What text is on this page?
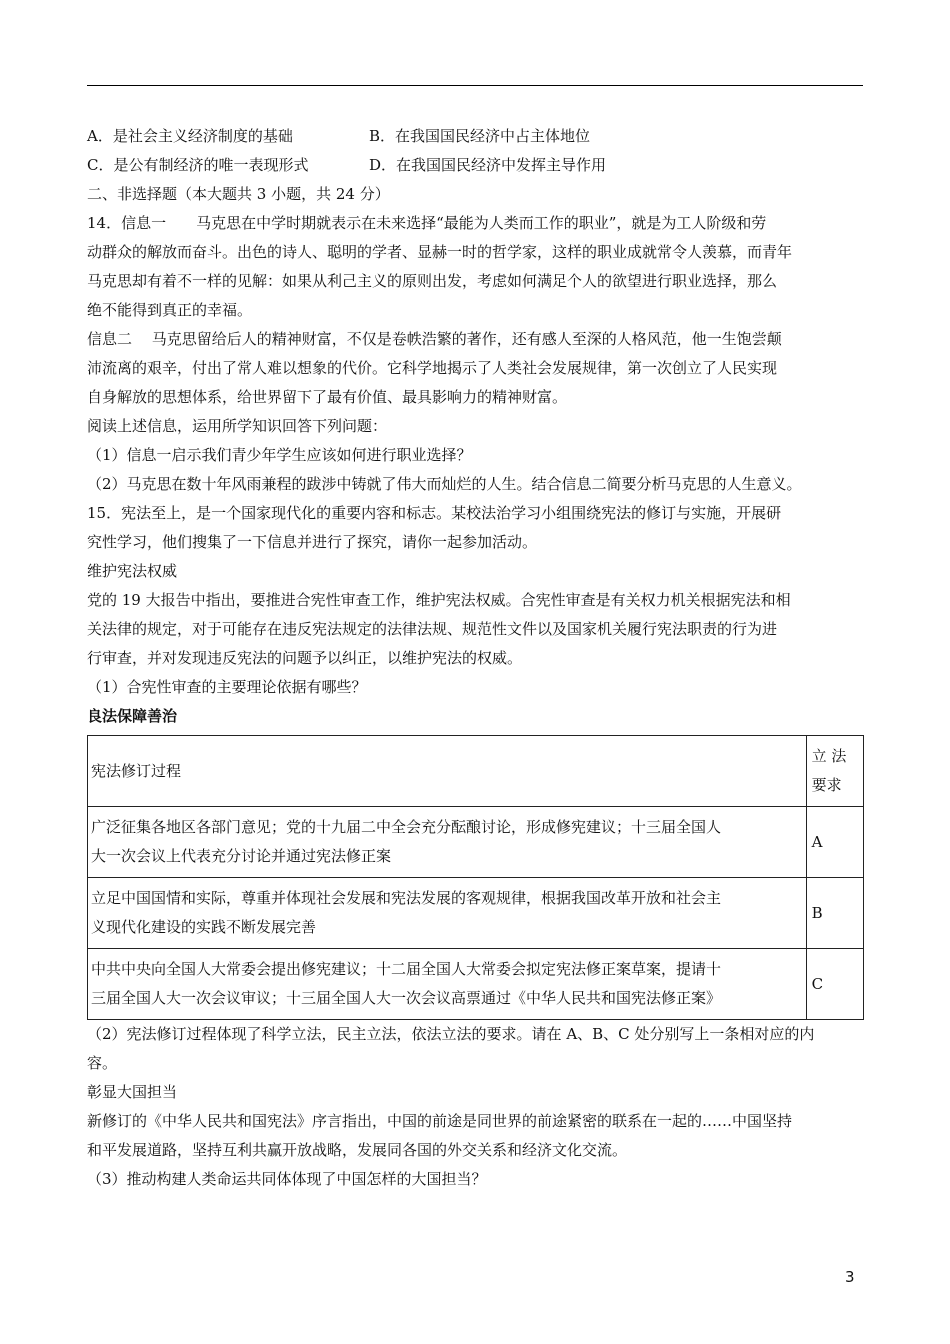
A．是社会主义经济制度的基础	B．在我国国民经济中占主体地位
C．是公有制经济的唯一表现形式	D．在我国国民经济中发挥主导作用
二、非选择题（本大题共 3 小题，共 24 分）
14．信息一　　马克思在中学时期就表示在未来选择“最能为人类而工作的职业”，就是为工人阶级和劳
动群众的解放而奋斗。出色的诗人、聪明的学者、显赫一时的哲学家，这样的职业成就常令人羡慕，而青年
马克思却有着不一样的见解：如果从利己主义的原则出发，考虑如何满足个人的欲望进行职业选择，那么
绝不能得到真正的幸福。
信息二　 马克思留给后人的精神财富，不仅是卷帙浩繁的著作，还有感人至深的人格风范，他一生饱尝颠
沛流离的艰辛，付出了常人难以想象的代价。它科学地揭示了人类社会发展规律，第一次创立了人民实现
自身解放的思想体系，给世界留下了最有价值、最具影响力的精神财富。
阅读上述信息，运用所学知识回答下列问题：
（1）信息一启示我们青少年学生应该如何进行职业选择？
（2）马克思在数十年风雨兼程的跋涉中铸就了伟大而灿烂的人生。结合信息二简要分析马克思的人生意义。
15．宪法至上，是一个国家现代化的重要内容和标志。某校法治学习小组围绕宪法的修订与实施，开展研
究性学习，他们搜集了一下信息并进行了探究，请你一起参加活动。
维护宪法权威
党的 19 大报告中指出，要推进合宪性审查工作，维护宪法权威。合宪性审查是有关权力机关根据宪法和相
关法律的规定，对于可能存在违反宪法规定的法律法规、规范性文件以及国家机关履行宪法职责的行为进
行审查，并对发现违反宪法的问题予以纠正，以维护宪法的权威。
（1）合宪性审查的主要理论依据有哪些？
良法保障善治
宪法修订过程	立 法
要求

广泛征集各地区各部门意见；党的十九届二中全会充分酝酿讨论，形成修宪建议；十三届全国人
大一次会议上代表充分讨论并通过宪法修正案	A

立足中国国情和实际，尊重并体现社会发展和宪法发展的客观规律，根据我国改革开放和社会主
义现代化建设的实践不断发展完善	B

中共中央向全国人大常委会提出修宪建议；十二届全国人大常委会拟定宪法修正案草案，提请十
三届全国人大一次会议审议；十三届全国人大一次会议高票通过《中华人民共和国宪法修正案》	C
（2）宪法修订过程体现了科学立法，民主立法，依法立法的要求。请在 A、B、C 处分别写上一条相对应的内
容。
彰显大国担当
新修订的《中华人民共和国宪法》序言指出，中国的前途是同世界的前途紧密的联系在一起的……中国坚持
和平发展道路，坚持互利共赢开放战略，发展同各国的外交关系和经济文化交流。
（3）推动构建人类命运共同体体现了中国怎样的大国担当？
3
